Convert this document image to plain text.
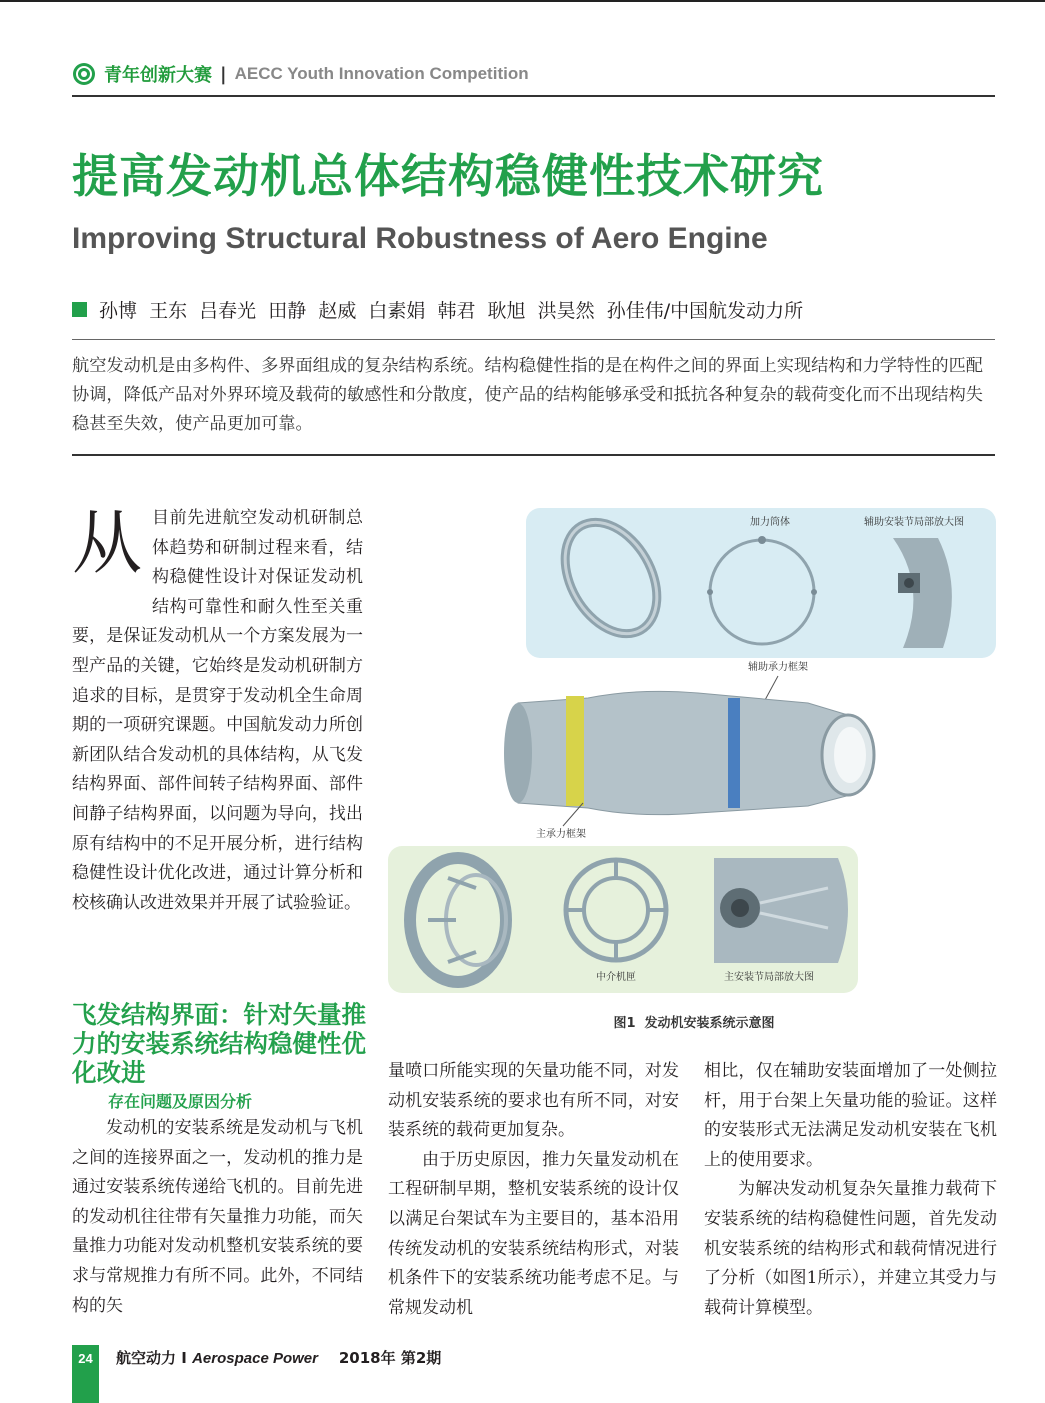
青年创新大赛 | AECC Youth Innovation Competition
提高发动机总体结构稳健性技术研究
Improving Structural Robustness of Aero Engine
孙博  王东  吕春光  田静  赵威  白素娟  韩君  耿旭  洪昊然  孙佳伟/中国航发动力所
航空发动机是由多构件、多界面组成的复杂结构系统。结构稳健性指的是在构件之间的界面上实现结构和力学特性的匹配协调，降低产品对外界环境及载荷的敏感性和分散度，使产品的结构能够承受和抵抗各种复杂的载荷变化而不出现结构失稳甚至失效，使产品更加可靠。
从 目前先进航空发动机研制总体趋势和研制过程来看，结构稳健性设计对保证发动机结构可靠性和耐久性至关重要，是保证发动机从一个方案发展为一型产品的关键，它始终是发动机研制方追求的目标，是贯穿于发动机全生命周期的一项研究课题。中国航发动力所创新团队结合发动机的具体结构，从飞发结构界面、部件间转子结构界面、部件间静子结构界面，以问题为导向，找出原有结构中的不足开展分析，进行结构稳健性设计优化改进，通过计算分析和校核确认改进效果并开展了试验验证。
飞发结构界面：针对矢量推力的安装系统结构稳健性优化改进
存在问题及原因分析
发动机的安装系统是发动机与飞机之间的连接界面之一，发动机的推力是通过安装系统传递给飞机的。目前先进的发动机往往带有矢量推力功能，而矢量推力功能对发动机整机安装系统的要求与常规推力有所不同。此外，不同结构的矢
量喷口所能实现的矢量功能不同，对发动机安装系统的要求也有所不同，对安装系统的载荷更加复杂。
由于历史原因，推力矢量发动机在工程研制早期，整机安装系统的设计仅以满足台架试车为主要目的，基本沿用传统发动机的安装系统结构形式，对装机条件下的安装系统功能考虑不足。与常规发动机
相比，仅在辅助安装面增加了一处侧拉杆，用于台架上矢量功能的验证。这样的安装形式无法满足发动机安装在飞机上的使用要求。
为解决发动机复杂矢量推力载荷下安装系统的结构稳健性问题，首先发动机安装系统的结构形式和载荷情况进行了分析（如图1所示），并建立其受力与载荷计算模型。
加力筒体	辅助安装节局部放大图
辅助承力框架
主承力框架
中介机匣	主安装节局部放大图
图1  发动机安装系统示意图
24	航空动力 I Aerospace Power 2018年 第2期
